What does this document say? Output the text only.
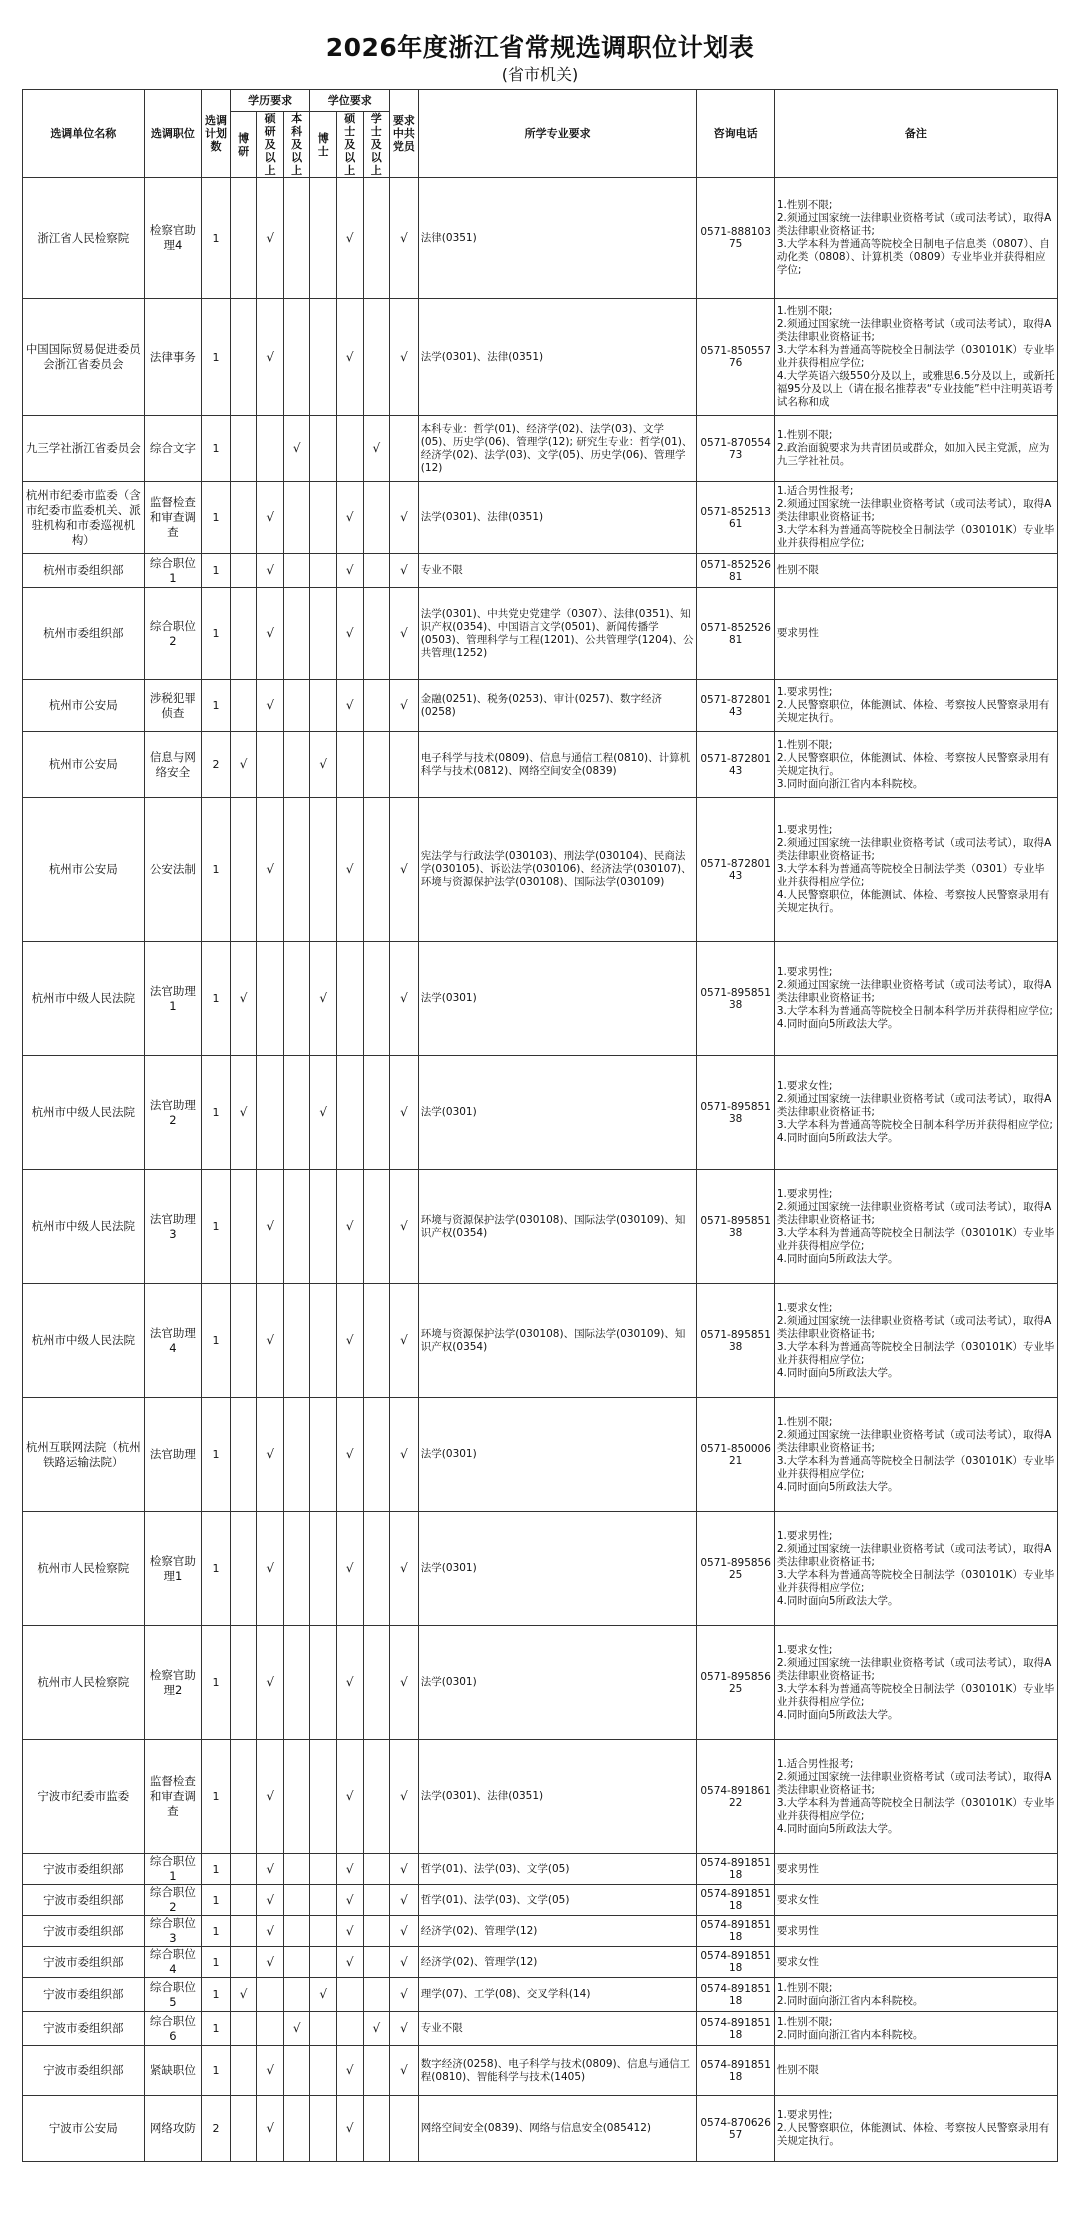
2026年度浙江省常规选调职位计划表
(省市机关)
选调单位名称	选调职位	选调计划数	学历要求			学位要求			要求中共党员	所学专业要求	咨询电话	备注
			博研	硕研及以上	本科及以上	博士	硕士及以上	学士及以上				
浙江省人民检察院	检察官助理4	1		√			√		√	法律(0351)	0571-88810375	1.性别不限;
2.须通过国家统一法律职业资格考试（或司法考试），取得A类法律职业资格证书;
3.大学本科为普通高等院校全日制电子信息类（0807）、自动化类（0808）、计算机类（0809）专业毕业并获得相应学位;

中国国际贸易促进委员会浙江省委员会	法律事务	1		√			√		√	法学(0301)、法律(0351)	0571-85055776	1.性别不限;
2.须通过国家统一法律职业资格考试（或司法考试），取得A类法律职业资格证书;
3.大学本科为普通高等院校全日制法学（030101K）专业毕业并获得相应学位;
4.大学英语六级550分及以上，或雅思6.5分及以上，或新托福95分及以上（请在报名推荐表“专业技能”栏中注明英语考试名称和成

九三学社浙江省委员会	综合文字	1			√			√		本科专业：哲学(01)、经济学(02)、法学(03)、文学(05)、历史学(06)、管理学(12); 研究生专业：哲学(01)、经济学(02)、法学(03)、文学(05)、历史学(06)、管理学(12)	0571-87055473	1.性别不限;
2.政治面貌要求为共青团员或群众，如加入民主党派，应为九三学社社员。

杭州市纪委市监委（含市纪委市监委机关、派驻机构和市委巡视机构）	监督检查和审查调查	1		√			√		√	法学(0301)、法律(0351)	0571-85251361	1.适合男性报考;
2.须通过国家统一法律职业资格考试（或司法考试），取得A类法律职业资格证书;
3.大学本科为普通高等院校全日制法学（030101K）专业毕业并获得相应学位;

杭州市委组织部	综合职位1	1		√			√		√	专业不限	0571-85252681	性别不限

杭州市委组织部	综合职位2	1		√			√		√	法学(0301)、中共党史党建学（0307）、法律(0351)、知识产权(0354)、中国语言文学(0501)、新闻传播学(0503)、管理科学与工程(1201)、公共管理学(1204)、公共管理(1252)	0571-85252681	要求男性

杭州市公安局	涉税犯罪侦查	1		√			√		√	金融(0251)、税务(0253)、审计(0257)、数字经济(0258)	0571-87280143	1.要求男性;
2.人民警察职位，体能测试、体检、考察按人民警察录用有关规定执行。

杭州市公安局	信息与网络安全	2	√			√				电子科学与技术(0809)、信息与通信工程(0810)、计算机科学与技术(0812)、网络空间安全(0839)	0571-87280143	1.性别不限;
2.人民警察职位，体能测试、体检、考察按人民警察录用有关规定执行。
3.同时面向浙江省内本科院校。

杭州市公安局	公安法制	1		√			√		√	宪法学与行政法学(030103)、刑法学(030104)、民商法学(030105)、诉讼法学(030106)、经济法学(030107)、环境与资源保护法学(030108)、国际法学(030109)	0571-87280143	1.要求男性;
2.须通过国家统一法律职业资格考试（或司法考试），取得A类法律职业资格证书;
3.大学本科为普通高等院校全日制法学类（0301）专业毕业并获得相应学位;
4.人民警察职位，体能测试、体检、考察按人民警察录用有关规定执行。

杭州市中级人民法院	法官助理1	1	√			√			√	法学(0301)	0571-89585138	1.要求男性;
2.须通过国家统一法律职业资格考试（或司法考试），取得A类法律职业资格证书;
3.大学本科为普通高等院校全日制本科学历并获得相应学位;
4.同时面向5所政法大学。

杭州市中级人民法院	法官助理2	1	√			√			√	法学(0301)	0571-89585138	1.要求女性;
2.须通过国家统一法律职业资格考试（或司法考试），取得A类法律职业资格证书;
3.大学本科为普通高等院校全日制本科学历并获得相应学位;
4.同时面向5所政法大学。

杭州市中级人民法院	法官助理3	1		√			√		√	环境与资源保护法学(030108)、国际法学(030109)、知识产权(0354)	0571-89585138	1.要求男性;
2.须通过国家统一法律职业资格考试（或司法考试），取得A类法律职业资格证书;
3.大学本科为普通高等院校全日制法学（030101K）专业毕业并获得相应学位;
4.同时面向5所政法大学。

杭州市中级人民法院	法官助理4	1		√			√		√	环境与资源保护法学(030108)、国际法学(030109)、知识产权(0354)	0571-89585138	1.要求女性;
2.须通过国家统一法律职业资格考试（或司法考试），取得A类法律职业资格证书;
3.大学本科为普通高等院校全日制法学（030101K）专业毕业并获得相应学位;
4.同时面向5所政法大学。

杭州互联网法院（杭州铁路运输法院）	法官助理	1		√			√		√	法学(0301)	0571-85000621	1.性别不限;
2.须通过国家统一法律职业资格考试（或司法考试），取得A类法律职业资格证书;
3.大学本科为普通高等院校全日制法学（030101K）专业毕业并获得相应学位;
4.同时面向5所政法大学。

杭州市人民检察院	检察官助理1	1		√			√		√	法学(0301)	0571-89585625	1.要求男性;
2.须通过国家统一法律职业资格考试（或司法考试），取得A类法律职业资格证书;
3.大学本科为普通高等院校全日制法学（030101K）专业毕业并获得相应学位;
4.同时面向5所政法大学。

杭州市人民检察院	检察官助理2	1		√			√		√	法学(0301)	0571-89585625	1.要求女性;
2.须通过国家统一法律职业资格考试（或司法考试），取得A类法律职业资格证书;
3.大学本科为普通高等院校全日制法学（030101K）专业毕业并获得相应学位;
4.同时面向5所政法大学。

宁波市纪委市监委	监督检查和审查调查	1		√			√		√	法学(0301)、法律(0351)	0574-89186122	1.适合男性报考;
2.须通过国家统一法律职业资格考试（或司法考试），取得A类法律职业资格证书;
3.大学本科为普通高等院校全日制法学（030101K）专业毕业并获得相应学位;
4.同时面向5所政法大学。

宁波市委组织部	综合职位1	1		√			√		√	哲学(01)、法学(03)、文学(05)	0574-89185118	要求男性

宁波市委组织部	综合职位2	1		√			√		√	哲学(01)、法学(03)、文学(05)	0574-89185118	要求女性

宁波市委组织部	综合职位3	1		√			√		√	经济学(02)、管理学(12)	0574-89185118	要求男性

宁波市委组织部	综合职位4	1		√			√		√	经济学(02)、管理学(12)	0574-89185118	要求女性

宁波市委组织部	综合职位5	1	√			√			√	理学(07)、工学(08)、交叉学科(14)	0574-89185118	1.性别不限;
2.同时面向浙江省内本科院校。

宁波市委组织部	综合职位6	1			√			√	√	专业不限	0574-89185118	1.性别不限;
2.同时面向浙江省内本科院校。

宁波市委组织部	紧缺职位	1		√			√		√	数字经济(0258)、电子科学与技术(0809)、信息与通信工程(0810)、智能科学与技术(1405)	0574-89185118	性别不限

宁波市公安局	网络攻防	2		√			√			网络空间安全(0839)、网络与信息安全(085412)	0574-87062657	1.要求男性;
2.人民警察职位，体能测试、体检、考察按人民警察录用有关规定执行。
